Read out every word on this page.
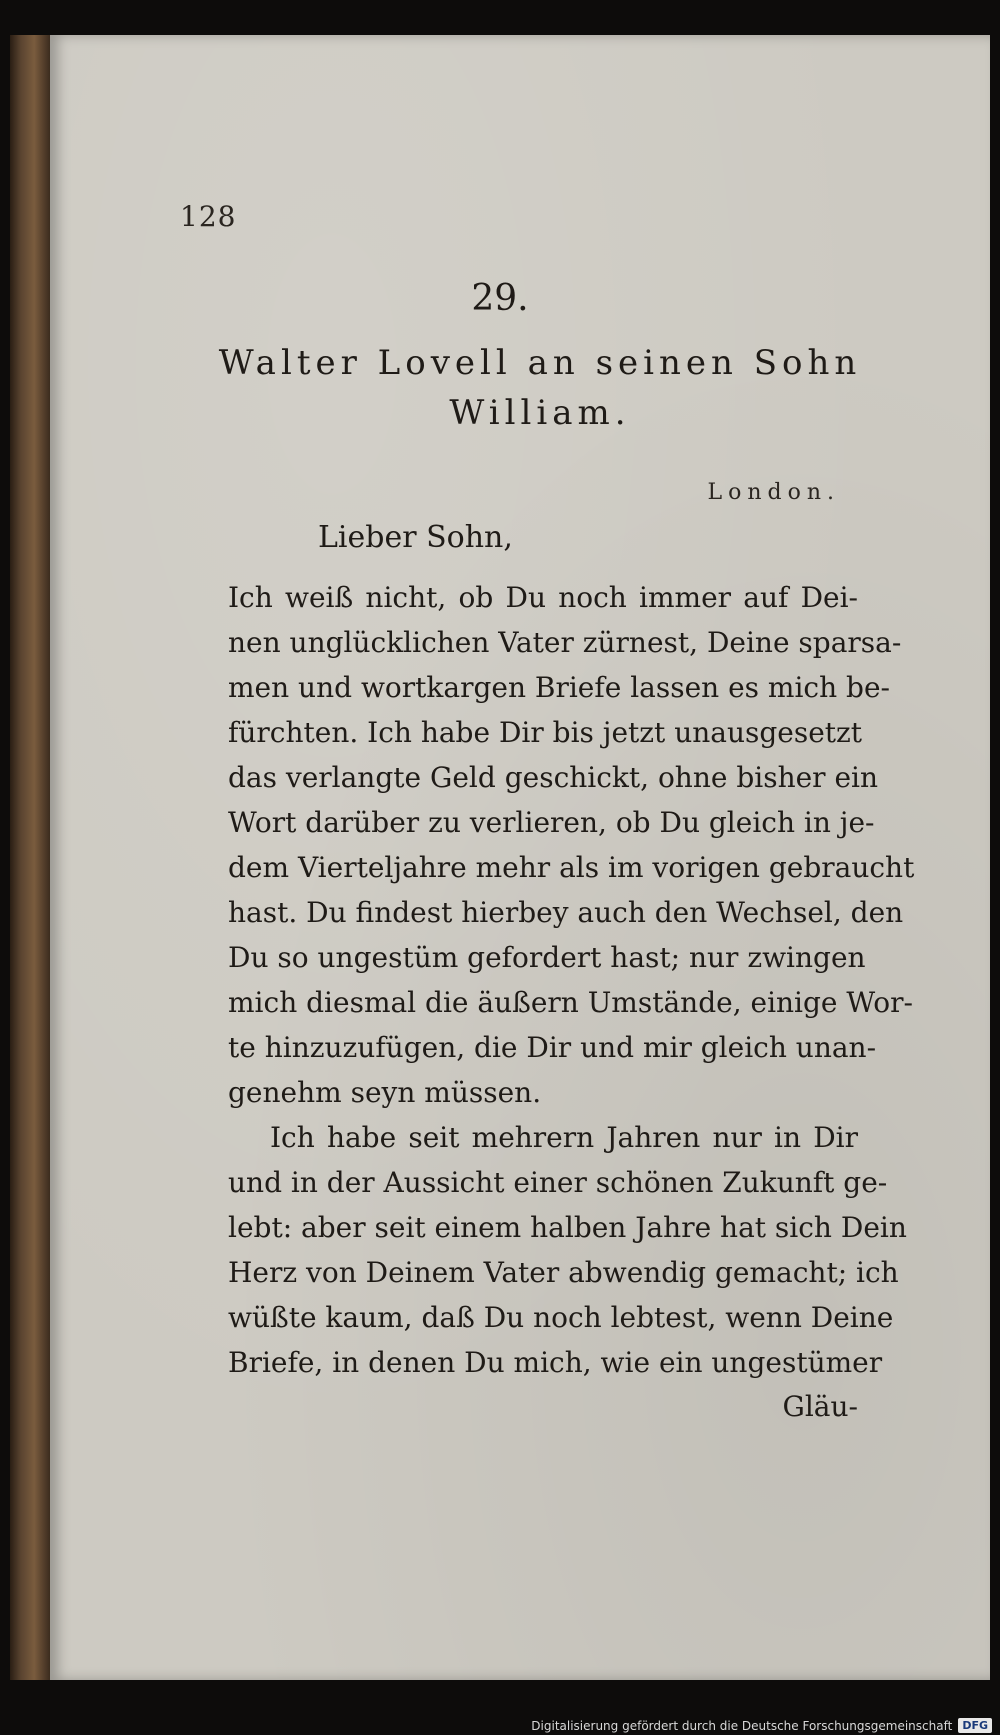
128
29.
Walter Lovell an seinen Sohn
William.
London.
Lieber Sohn,
Ich weiß nicht, ob Du noch immer auf Dei-
nen unglücklichen Vater zürnest, Deine sparsa-
men und wortkargen Briefe lassen es mich be-
fürchten. Ich habe Dir bis jetzt unausgesetzt
das verlangte Geld geschickt, ohne bisher ein
Wort darüber zu verlieren, ob Du gleich in je-
dem Vierteljahre mehr als im vorigen gebraucht
hast. Du findest hierbey auch den Wechsel, den
Du so ungestüm gefordert hast; nur zwingen
mich diesmal die äußern Umstände, einige Wor-
te hinzuzufügen, die Dir und mir gleich unan-
genehm seyn müssen.
Ich habe seit mehrern Jahren nur in Dir
und in der Aussicht einer schönen Zukunft ge-
lebt: aber seit einem halben Jahre hat sich Dein
Herz von Deinem Vater abwendig gemacht; ich
wüßte kaum, daß Du noch lebtest, wenn Deine
Briefe, in denen Du mich, wie ein ungestümer
Gläu-
Digitalisierung gefördert durch die Deutsche Forschungsgemeinschaft DFG
